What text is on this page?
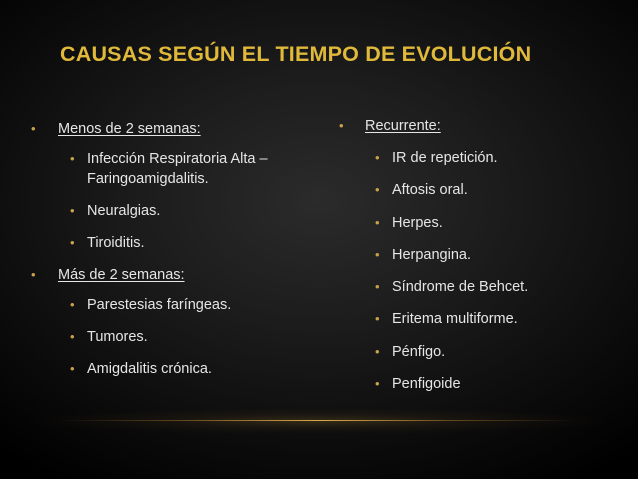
CAUSAS SEGÚN EL TIEMPO DE EVOLUCIÓN
• Menos de 2 semanas:
• Infección Respiratoria Alta – Faringoamigdalitis.
• Neuralgias.
• Tiroiditis.
• Más de 2 semanas:
• Parestesias faríngeas.
• Tumores.
• Amigdalitis crónica.
• Recurrente:
• IR de repetición.
• Aftosis oral.
• Herpes.
• Herpangina.
• Síndrome de Behcet.
• Eritema multiforme.
• Pénfigo.
• Penfigoide
